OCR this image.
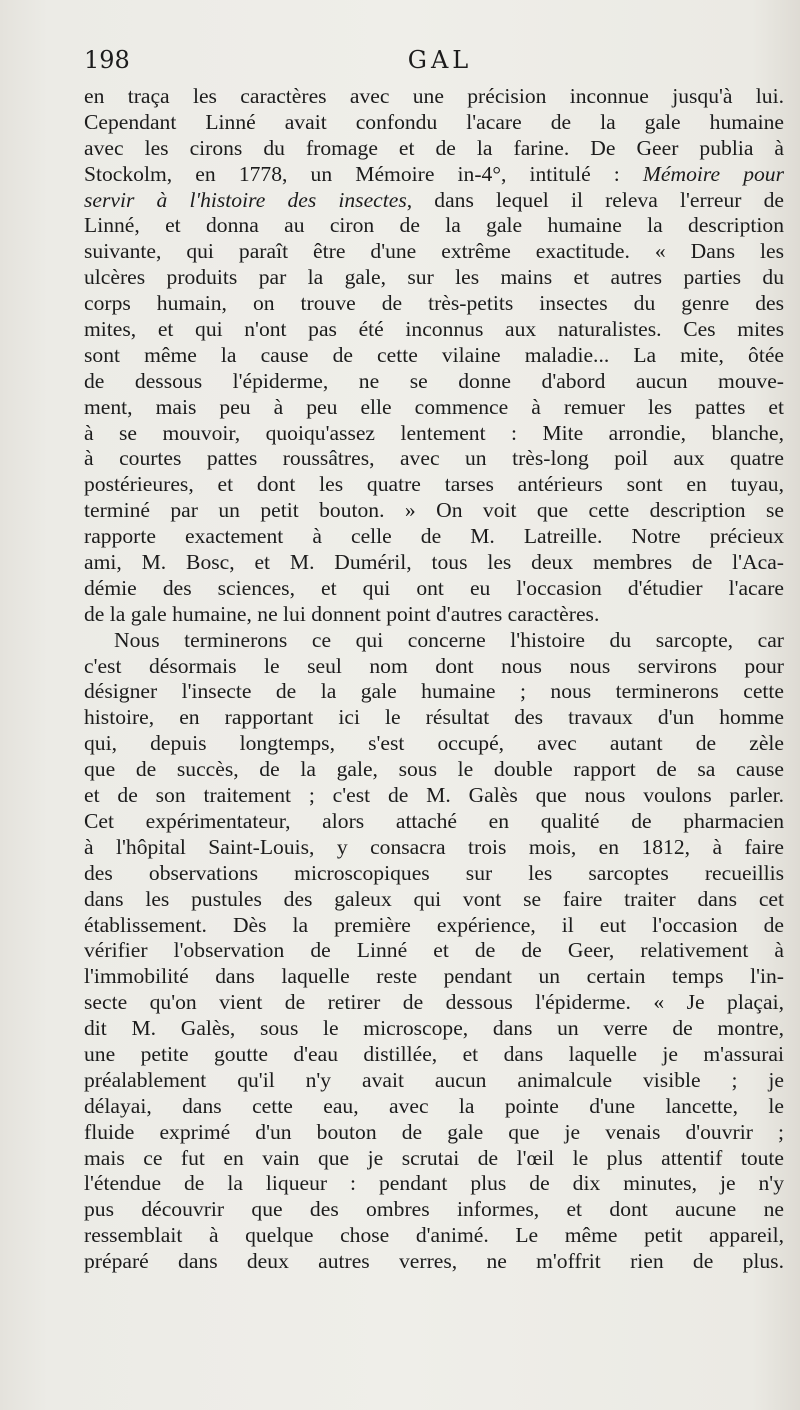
198	GAL
en traça les caractères avec une précision inconnue jusqu'à lui.
Cependant Linné avait confondu l'acare de la gale humaine
avec les cirons du fromage et de la farine. De Geer publia à
Stockolm, en 1778, un Mémoire in-4°, intitulé : Mémoire pour
servir à l'histoire des insectes, dans lequel il releva l'erreur de
Linné, et donna au ciron de la gale humaine la description
suivante, qui paraît être d'une extrême exactitude. « Dans les
ulcères produits par la gale, sur les mains et autres parties du
corps humain, on trouve de très-petits insectes du genre des
mites, et qui n'ont pas été inconnus aux naturalistes. Ces mites
sont même la cause de cette vilaine maladie... La mite, ôtée
de dessous l'épiderme, ne se donne d'abord aucun mouve-
ment, mais peu à peu elle commence à remuer les pattes et
à se mouvoir, quoiqu'assez lentement : Mite arrondie, blanche,
à courtes pattes roussâtres, avec un très-long poil aux quatre
postérieures, et dont les quatre tarses antérieurs sont en tuyau,
terminé par un petit bouton. » On voit que cette description se
rapporte exactement à celle de M. Latreille. Notre précieux
ami, M. Bosc, et M. Duméril, tous les deux membres de l'Aca-
démie des sciences, et qui ont eu l'occasion d'étudier l'acare
de la gale humaine, ne lui donnent point d'autres caractères.
Nous terminerons ce qui concerne l'histoire du sarcopte, car
c'est désormais le seul nom dont nous nous servirons pour
désigner l'insecte de la gale humaine ; nous terminerons cette
histoire, en rapportant ici le résultat des travaux d'un homme
qui, depuis longtemps, s'est occupé, avec autant de zèle
que de succès, de la gale, sous le double rapport de sa cause
et de son traitement ; c'est de M. Galès que nous voulons parler.
Cet expérimentateur, alors attaché en qualité de pharmacien
à l'hôpital Saint-Louis, y consacra trois mois, en 1812, à faire
des observations microscopiques sur les sarcoptes recueillis
dans les pustules des galeux qui vont se faire traiter dans cet
établissement. Dès la première expérience, il eut l'occasion de
vérifier l'observation de Linné et de de Geer, relativement à
l'immobilité dans laquelle reste pendant un certain temps l'in-
secte qu'on vient de retirer de dessous l'épiderme. « Je plaçai,
dit M. Galès, sous le microscope, dans un verre de montre,
une petite goutte d'eau distillée, et dans laquelle je m'assurai
préalablement qu'il n'y avait aucun animalcule visible ; je
délayai, dans cette eau, avec la pointe d'une lancette, le
fluide exprimé d'un bouton de gale que je venais d'ouvrir ;
mais ce fut en vain que je scrutai de l'œil le plus attentif toute
l'étendue de la liqueur : pendant plus de dix minutes, je n'y
pus découvrir que des ombres informes, et dont aucune ne
ressemblait à quelque chose d'animé. Le même petit appareil,
préparé dans deux autres verres, ne m'offrit rien de plus.
